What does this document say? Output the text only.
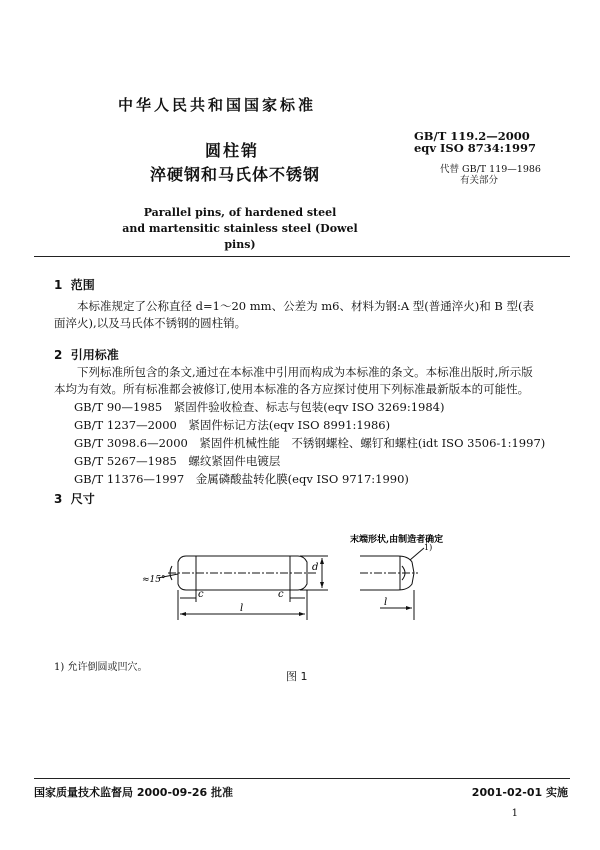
中华人民共和国国家标准
圆柱销
淬硬钢和马氏体不锈钢
GB/T 119.2—2000
eqv ISO 8734:1997
代替 GB/T 119—1986
有关部分
Parallel pins, of hardened steel
and martensitic stainless steel (Dowel pins)
1 范围
本标准规定了公称直径 d=1～20 mm、公差为 m6、材料为钢:A 型(普通淬火)和 B 型(表面淬火),以及马氏体不锈钢的圆柱销。
2 引用标准
下列标准所包含的条文,通过在本标准中引用而构成为本标准的条文。本标准出版时,所示版本均为有效。所有标准都会被修订,使用本标准的各方应探讨使用下列标准最新版本的可能性。
GB/T 90—1985　紧固件验收检查、标志与包装(eqv ISO 3269:1984)
GB/T 1237—2000　紧固件标记方法(eqv ISO 8991:1986)
GB/T 3098.6—2000　紧固件机械性能　不锈钢螺栓、螺钉和螺柱(idt ISO 3506-1:1997)
GB/T 5267—1985　螺纹紧固件电镀层
GB/T 11376—1997　金属磷酸盐转化膜(eqv ISO 9717:1990)
3 尺寸
≈15°
d
c	c
l
l
1)
末端形状,由制造者确定
1) 允许倒圆或凹穴。
图 1
国家质量技术监督局 2000-09-26 批准	2001-02-01 实施
1
